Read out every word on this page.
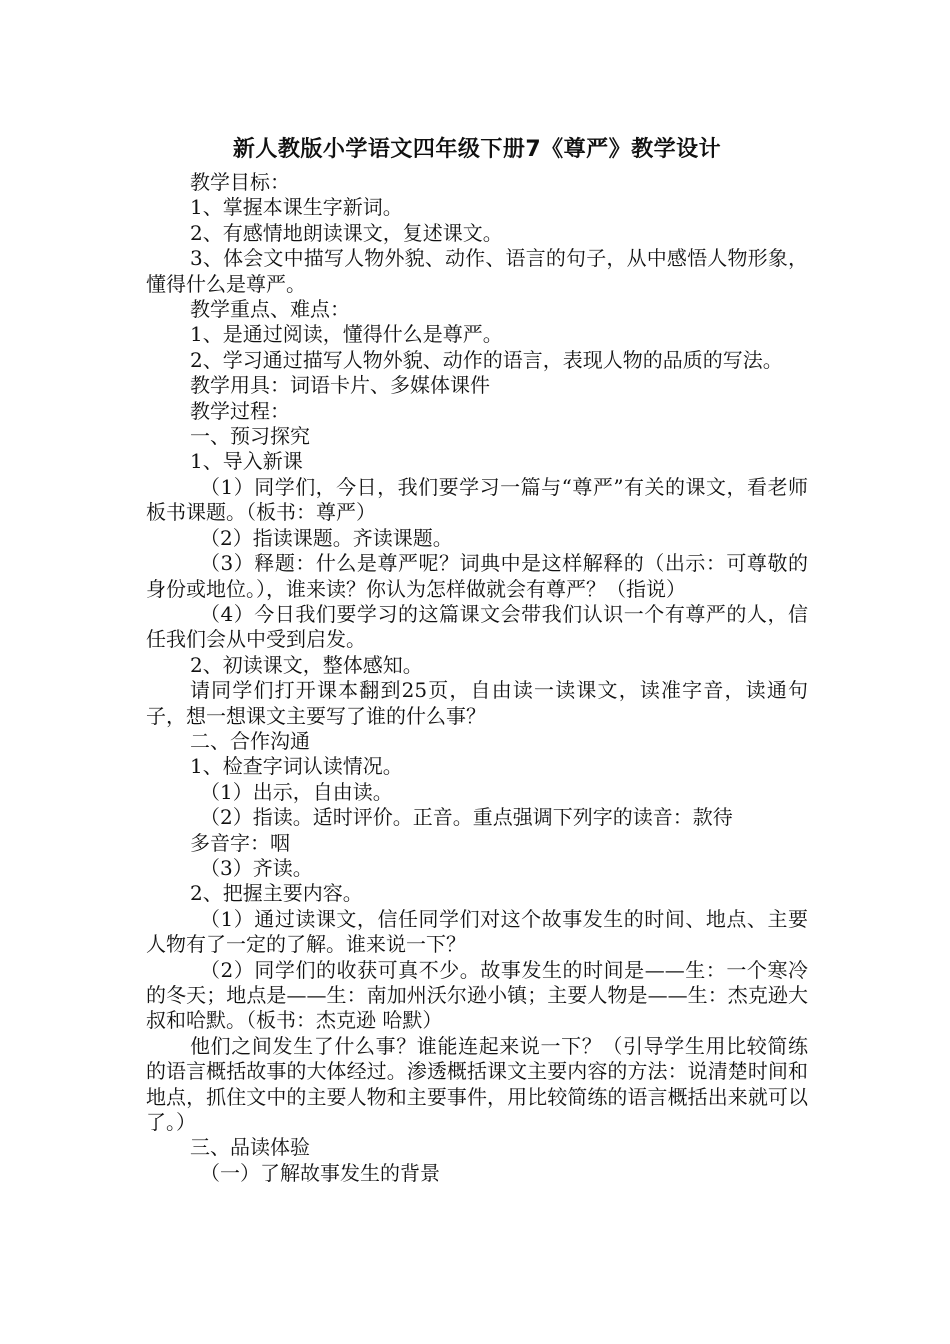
新人教版小学语文四年级下册7《尊严》教学设计

教学目标：

1、掌握本课生字新词。

2、有感情地朗读课文，复述课文。

3、体会文中描写人物外貌、动作、语言的句子，从中感悟人物形象，懂得什么是尊严。

教学重点、难点：

1、是通过阅读，懂得什么是尊严。

2、学习通过描写人物外貌、动作的语言，表现人物的品质的写法。

教学用具：词语卡片、多媒体课件

教学过程：

一、预习探究

1、导入新课

（1）同学们，今日，我们要学习一篇与“尊严”有关的课文，看老师板书课题。（板书：尊严）

（2）指读课题。齐读课题。

（3）释题：什么是尊严呢？词典中是这样解释的（出示：可尊敬的身份或地位。），谁来读？你认为怎样做就会有尊严？（指说）

（4）今日我们要学习的这篇课文会带我们认识一个有尊严的人，信任我们会从中受到启发。

2、初读课文，整体感知。

请同学们打开课本翻到25页，自由读一读课文，读准字音，读通句子，想一想课文主要写了谁的什么事？

二、合作沟通

1、检查字词认读情况。

（1）出示，自由读。

（2）指读。适时评价。正音。重点强调下列字的读音：款待

多音字：咽

（3）齐读。

2、把握主要内容。

（1）通过读课文，信任同学们对这个故事发生的时间、地点、主要人物有了一定的了解。谁来说一下？

（2）同学们的收获可真不少。故事发生的时间是——生：一个寒冷的冬天；地点是——生：南加州沃尔逊小镇；主要人物是——生：杰克逊大叔和哈默。（板书：杰克逊 哈默）

他们之间发生了什么事？谁能连起来说一下？（引导学生用比较简练的语言概括故事的大体经过。渗透概括课文主要内容的方法：说清楚时间和地点，抓住文中的主要人物和主要事件，用比较简练的语言概括出来就可以了。）

三、品读体验

（一）了解故事发生的背景
